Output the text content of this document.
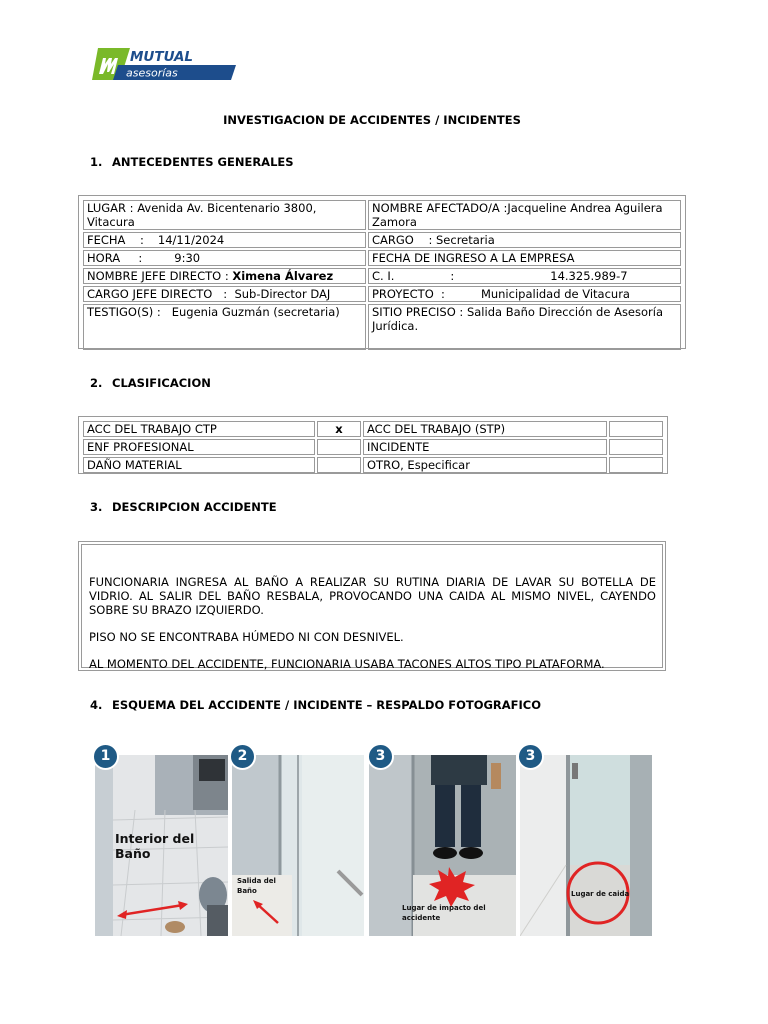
MUTUAL
asesorías
INVESTIGACION DE ACCIDENTES / INCIDENTES
1. ANTECEDENTES GENERALES
LUGAR : Avenida Av. Bicentenario 3800, Vitacura	NOMBRE AFECTADO/A :Jacqueline Andrea Aguilera Zamora
FECHA    : 14/11/2024	CARGO    : Secretaria
HORA     : 9:30	FECHA DE INGRESO A LA EMPRESA
NOMBRE JEFE DIRECTO : Ximena Álvarez	C. I. : 14.325.989-7
CARGO JEFE DIRECTO   :  Sub-Director DAJ	PROYECTO  : Municipalidad de Vitacura
TESTIGO(S) :   Eugenia Guzmán (secretaria)	SITIO PRECISO : Salida Baño Dirección de Asesoría Jurídica.
2. CLASIFICACION
ACC DEL TRABAJO CTP	x	ACC DEL TRABAJO (STP)	
ENF PROFESIONAL		INCIDENTE	
DAÑO MATERIAL		OTRO, Especificar	
3. DESCRIPCION ACCIDENTE

FUNCIONARIA INGRESA AL BAÑO A REALIZAR SU RUTINA DIARIA DE LAVAR SU BOTELLA DE VIDRIO. AL SALIR DEL BAÑO RESBALA, PROVOCANDO UNA CAIDA AL MISMO NIVEL, CAYENDO SOBRE SU BRAZO IZQUIERDO.

PISO NO SE ENCONTRABA HÚMEDO NI CON DESNIVEL.

AL MOMENTO DEL ACCIDENTE, FUNCIONARIA USABA TACONES ALTOS TIPO PLATAFORMA.

4. ESQUEMA DEL ACCIDENTE / INCIDENTE – RESPALDO FOTOGRAFICO
Interior del Baño
Salida del
Baño
Lugar de impacto del
accidente
Lugar de caida
1	2	3	3
